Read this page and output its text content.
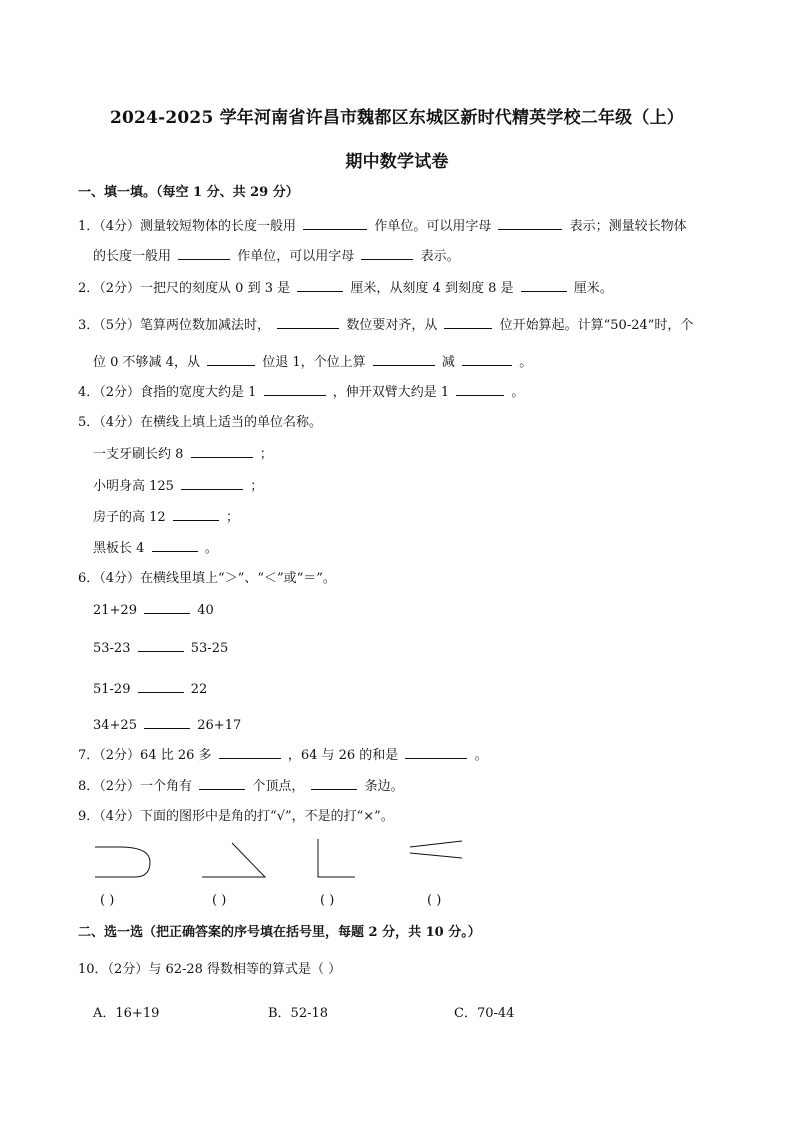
2024-2025 学年河南省许昌市魏都区东城区新时代精英学校二年级（上）
期中数学试卷
一、填一填。（每空 1 分、共 29 分）
1．（4分）测量较短物体的长度一般用	作单位。可以用字母	表示；测量较长物体
的长度一般用	作单位，可以用字母	表示。
2．（2分）一把尺的刻度从 0 到 3 是	厘米，从刻度 4 到刻度 8 是	厘米。
3．（5分）笔算两位数加减法时，	数位要对齐，从	位开始算起。计算“50-24”时，个
位 0 不够减 4，从	位退 1，个位上算	减	。
4．（2分）食指的宽度大约是 1	，伸开双臂大约是 1	。
5．（4分）在横线上填上适当的单位名称。
一支牙刷长约 8	；
小明身高 125	；
房子的高 12	；
黑板长 4	。
6．（4分）在横线里填上“＞”、“＜”或“＝”。
21+29	40
53-23	53-25
51-29	22
34+25	26+17
7．（2分）64 比 26 多	，64 与 26 的和是	。
8．（2分）一个角有	个顶点，	条边。
9．（4分）下面的图形中是角的打“√”，不是的打“×”。
( )	( )	( )	( )
二、选一选（把正确答案的序号填在括号里，每题 2 分，共 10 分。）
10．（2分）与 62-28 得数相等的算式是（ ）
A．16+19	B．52-18	C．70-44
